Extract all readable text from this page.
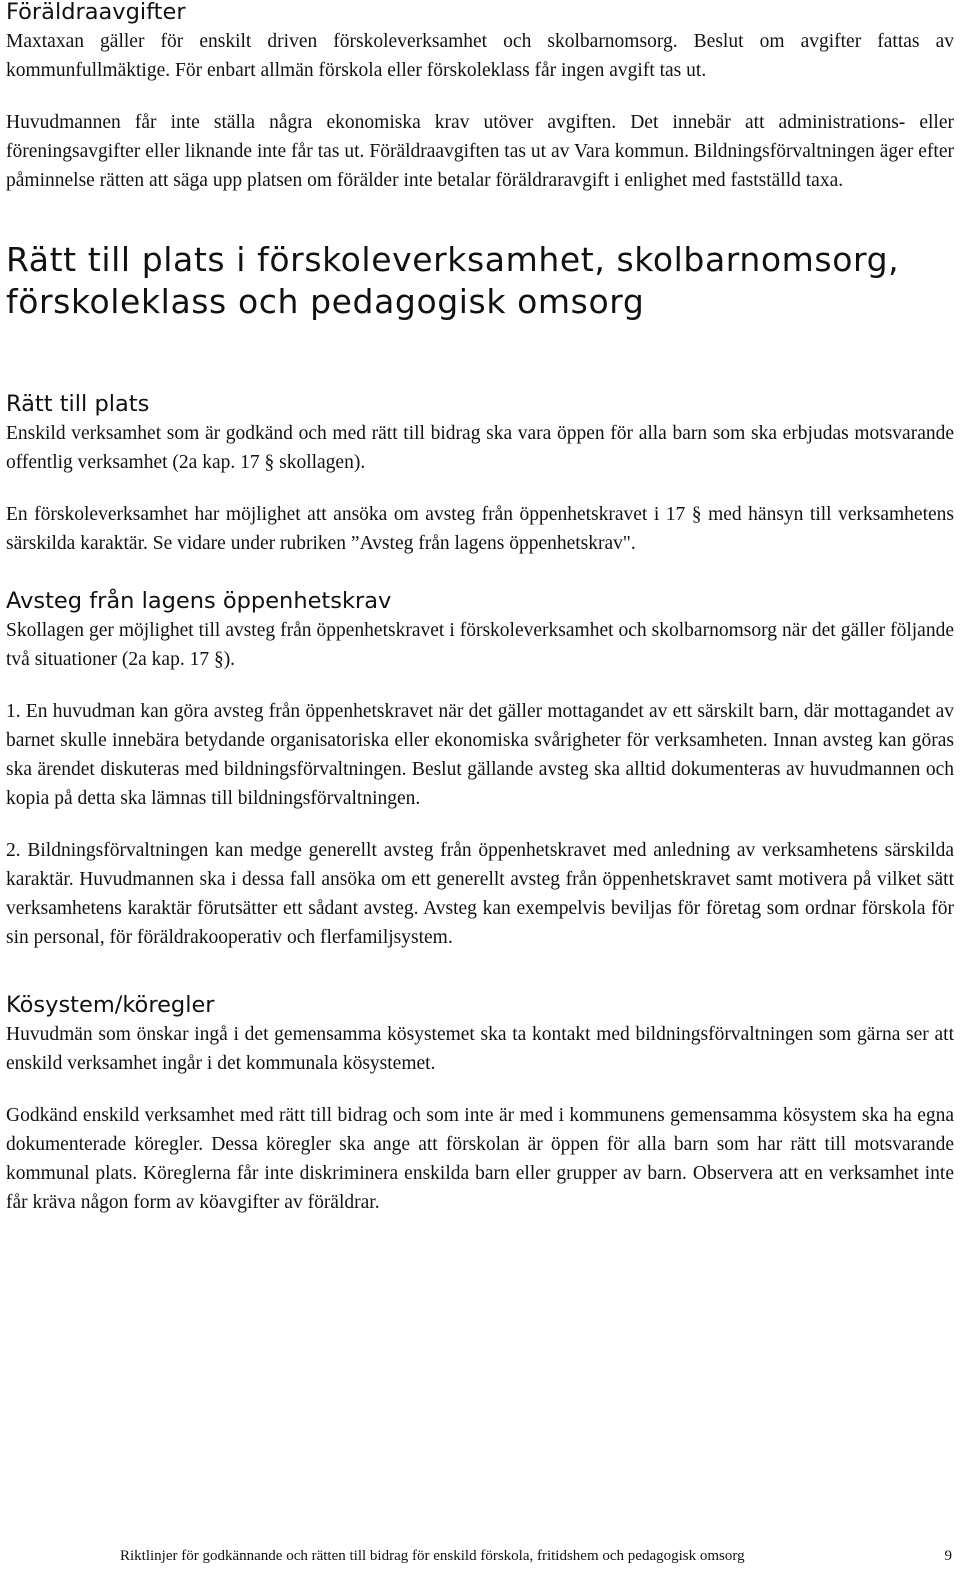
Föräldraavgifter

Maxtaxan gäller för enskilt driven förskoleverksamhet och skolbarnomsorg. Beslut om avgifter fattas av kommunfullmäktige. För enbart allmän förskola eller förskoleklass får ingen avgift tas ut.

Huvudmannen får inte ställa några ekonomiska krav utöver avgiften. Det innebär att administrations- eller föreningsavgifter eller liknande inte får tas ut. Föräldraavgiften tas ut av Vara kommun. Bildningsförvaltningen äger efter påminnelse rätten att säga upp platsen om förälder inte betalar föräldraravgift i enlighet med fastställd taxa.

Rätt till plats i förskoleverksamhet, skolbarnomsorg, förskoleklass och pedagogisk omsorg
Rätt till plats

Enskild verksamhet som är godkänd och med rätt till bidrag ska vara öppen för alla barn som ska erbjudas motsvarande offentlig verksamhet (2a kap. 17 § skollagen).

En förskoleverksamhet har möjlighet att ansöka om avsteg från öppenhetskravet i 17 § med hänsyn till verksamhetens särskilda karaktär. Se vidare under rubriken ”Avsteg från lagens öppenhetskrav".

Avsteg från lagens öppenhetskrav

Skollagen ger möjlighet till avsteg från öppenhetskravet i förskoleverksamhet och skolbarnomsorg när det gäller följande två situationer (2a kap. 17 §).

1. En huvudman kan göra avsteg från öppenhetskravet när det gäller mottagandet av ett särskilt barn, där mottagandet av barnet skulle innebära betydande organisatoriska eller ekonomiska svårigheter för verksamheten. Innan avsteg kan göras ska ärendet diskuteras med bildningsförvaltningen. Beslut gällande avsteg ska alltid dokumenteras av huvudmannen och kopia på detta ska lämnas till bildningsförvaltningen.

2. Bildningsförvaltningen kan medge generellt avsteg från öppenhetskravet med anledning av verksamhetens särskilda karaktär. Huvudmannen ska i dessa fall ansöka om ett generellt avsteg från öppenhetskravet samt motivera på vilket sätt verksamhetens karaktär förutsätter ett sådant avsteg. Avsteg kan exempelvis beviljas för företag som ordnar förskola för sin personal, för föräldrakooperativ och flerfamiljsystem.

Kösystem/köregler

Huvudmän som önskar ingå i det gemensamma kösystemet ska ta kontakt med bildningsförvaltningen som gärna ser att enskild verksamhet ingår i det kommunala kösystemet.

Godkänd enskild verksamhet med rätt till bidrag och som inte är med i kommunens gemensamma kösystem ska ha egna dokumenterade köregler. Dessa köregler ska ange att förskolan är öppen för alla barn som har rätt till motsvarande kommunal plats. Köreglerna får inte diskriminera enskilda barn eller grupper av barn. Observera att en verksamhet inte får kräva någon form av köavgifter av föräldrar.

Riktlinjer för godkännande och rätten till bidrag för enskild förskola, fritidshem och pedagogisk omsorg	9
